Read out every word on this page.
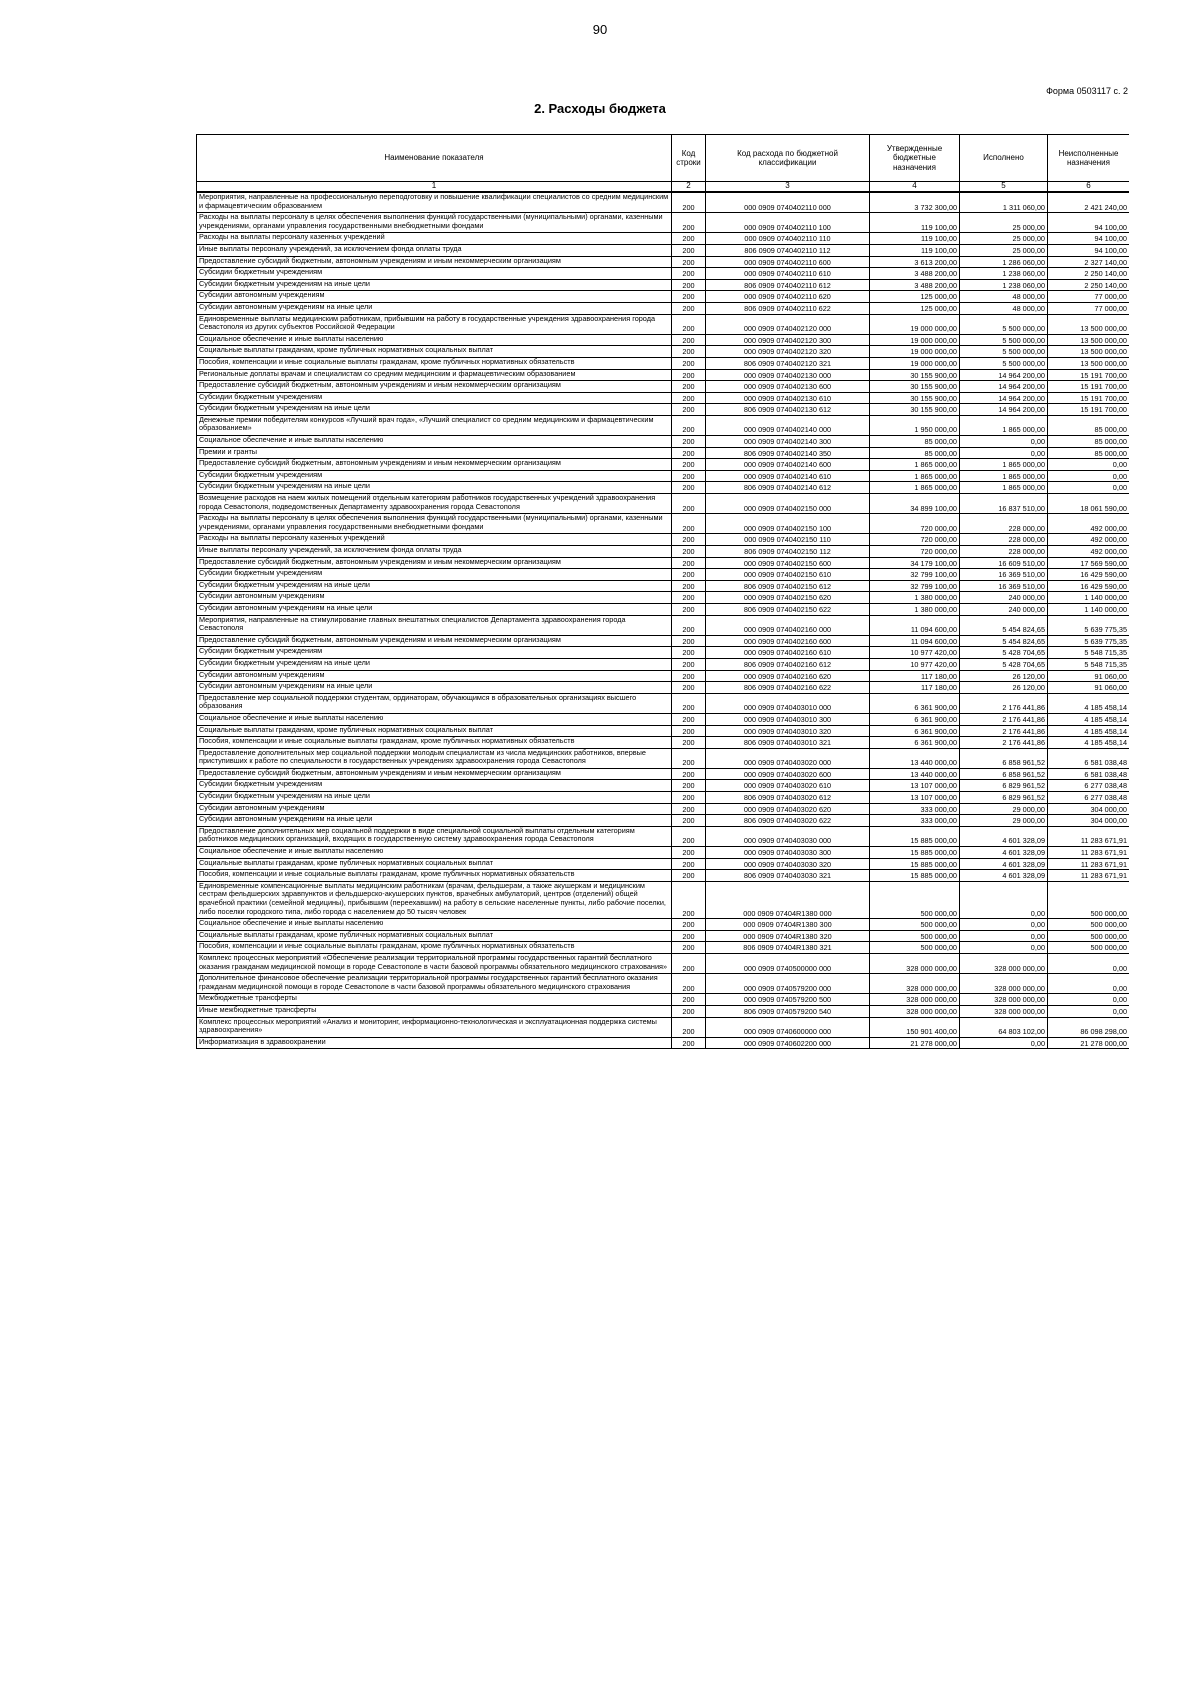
90
Форма 0503117 с. 2
2. Расходы бюджета
Наименование показателя	Код строки	Код расхода по бюджетной классификации	Утвержденные бюджетные назначения	Исполнено	Неисполненные назначения
1	2	3	4	5	6
Мероприятия, направленные на профессиональную переподготовку и повышение квалификации специалистов со средним медицинским и фармацевтическим образованием	200	000 0909 0740402110 000	3 732 300,00	1 311 060,00	2 421 240,00
Расходы на выплаты персоналу в целях обеспечения выполнения функций государственными (муниципальными) органами, казенными учреждениями, органами управления государственными внебюджетными фондами	200	000 0909 0740402110 100	119 100,00	25 000,00	94 100,00
Расходы на выплаты персоналу казенных учреждений	200	000 0909 0740402110 110	119 100,00	25 000,00	94 100,00
Иные выплаты персоналу учреждений, за исключением фонда оплаты труда	200	806 0909 0740402110 112	119 100,00	25 000,00	94 100,00
Предоставление субсидий бюджетным, автономным учреждениям и иным некоммерческим организациям	200	000 0909 0740402110 600	3 613 200,00	1 286 060,00	2 327 140,00
Субсидии бюджетным учреждениям	200	000 0909 0740402110 610	3 488 200,00	1 238 060,00	2 250 140,00
Субсидии бюджетным учреждениям на иные цели	200	806 0909 0740402110 612	3 488 200,00	1 238 060,00	2 250 140,00
Субсидии автономным учреждениям	200	000 0909 0740402110 620	125 000,00	48 000,00	77 000,00
Субсидии автономным учреждениям на иные цели	200	806 0909 0740402110 622	125 000,00	48 000,00	77 000,00
Единовременные выплаты медицинским работникам, прибывшим на работу в государственные учреждения здравоохранения города Севастополя из других субъектов Российской Федерации	200	000 0909 0740402120 000	19 000 000,00	5 500 000,00	13 500 000,00
Социальное обеспечение и иные выплаты населению	200	000 0909 0740402120 300	19 000 000,00	5 500 000,00	13 500 000,00
Социальные выплаты гражданам, кроме публичных нормативных социальных выплат	200	000 0909 0740402120 320	19 000 000,00	5 500 000,00	13 500 000,00
Пособия, компенсации и иные социальные выплаты гражданам, кроме публичных нормативных обязательств	200	806 0909 0740402120 321	19 000 000,00	5 500 000,00	13 500 000,00
Региональные доплаты врачам и специалистам со средним медицинским и фармацевтическим образованием	200	000 0909 0740402130 000	30 155 900,00	14 964 200,00	15 191 700,00
Предоставление субсидий бюджетным, автономным учреждениям и иным некоммерческим организациям	200	000 0909 0740402130 600	30 155 900,00	14 964 200,00	15 191 700,00
Субсидии бюджетным учреждениям	200	000 0909 0740402130 610	30 155 900,00	14 964 200,00	15 191 700,00
Субсидии бюджетным учреждениям на иные цели	200	806 0909 0740402130 612	30 155 900,00	14 964 200,00	15 191 700,00
Денежные премии победителям конкурсов «Лучший врач года», «Лучший специалист со средним медицинским и фармацевтическим образованием»	200	000 0909 0740402140 000	1 950 000,00	1 865 000,00	85 000,00
Социальное обеспечение и иные выплаты населению	200	000 0909 0740402140 300	85 000,00	0,00	85 000,00
Премии и гранты	200	806 0909 0740402140 350	85 000,00	0,00	85 000,00
Предоставление субсидий бюджетным, автономным учреждениям и иным некоммерческим организациям	200	000 0909 0740402140 600	1 865 000,00	1 865 000,00	0,00
Субсидии бюджетным учреждениям	200	000 0909 0740402140 610	1 865 000,00	1 865 000,00	0,00
Субсидии бюджетным учреждениям на иные цели	200	806 0909 0740402140 612	1 865 000,00	1 865 000,00	0,00
Возмещение расходов на наем жилых помещений отдельным категориям работников государственных учреждений здравоохранения города Севастополя, подведомственных Департаменту здравоохранения города Севастополя	200	000 0909 0740402150 000	34 899 100,00	16 837 510,00	18 061 590,00
Расходы на выплаты персоналу в целях обеспечения выполнения функций государственными (муниципальными) органами, казенными учреждениями, органами управления государственными внебюджетными фондами	200	000 0909 0740402150 100	720 000,00	228 000,00	492 000,00
Расходы на выплаты персоналу казенных учреждений	200	000 0909 0740402150 110	720 000,00	228 000,00	492 000,00
Иные выплаты персоналу учреждений, за исключением фонда оплаты труда	200	806 0909 0740402150 112	720 000,00	228 000,00	492 000,00
Предоставление субсидий бюджетным, автономным учреждениям и иным некоммерческим организациям	200	000 0909 0740402150 600	34 179 100,00	16 609 510,00	17 569 590,00
Субсидии бюджетным учреждениям	200	000 0909 0740402150 610	32 799 100,00	16 369 510,00	16 429 590,00
Субсидии бюджетным учреждениям на иные цели	200	806 0909 0740402150 612	32 799 100,00	16 369 510,00	16 429 590,00
Субсидии автономным учреждениям	200	000 0909 0740402150 620	1 380 000,00	240 000,00	1 140 000,00
Субсидии автономным учреждениям на иные цели	200	806 0909 0740402150 622	1 380 000,00	240 000,00	1 140 000,00
Мероприятия, направленные на стимулирование главных внештатных специалистов Департамента здравоохранения города Севастополя	200	000 0909 0740402160 000	11 094 600,00	5 454 824,65	5 639 775,35
Предоставление субсидий бюджетным, автономным учреждениям и иным некоммерческим организациям	200	000 0909 0740402160 600	11 094 600,00	5 454 824,65	5 639 775,35
Субсидии бюджетным учреждениям	200	000 0909 0740402160 610	10 977 420,00	5 428 704,65	5 548 715,35
Субсидии бюджетным учреждениям на иные цели	200	806 0909 0740402160 612	10 977 420,00	5 428 704,65	5 548 715,35
Субсидии автономным учреждениям	200	000 0909 0740402160 620	117 180,00	26 120,00	91 060,00
Субсидии автономным учреждениям на иные цели	200	806 0909 0740402160 622	117 180,00	26 120,00	91 060,00
Предоставление мер социальной поддержки студентам, ординаторам, обучающимся в образовательных организациях высшего образования	200	000 0909 0740403010 000	6 361 900,00	2 176 441,86	4 185 458,14
Социальное обеспечение и иные выплаты населению	200	000 0909 0740403010 300	6 361 900,00	2 176 441,86	4 185 458,14
Социальные выплаты гражданам, кроме публичных нормативных социальных выплат	200	000 0909 0740403010 320	6 361 900,00	2 176 441,86	4 185 458,14
Пособия, компенсации и иные социальные выплаты гражданам, кроме публичных нормативных обязательств	200	806 0909 0740403010 321	6 361 900,00	2 176 441,86	4 185 458,14
Предоставление дополнительных мер социальной поддержки молодым специалистам из числа медицинских работников, впервые приступивших к работе по специальности в государственных учреждениях здравоохранения города Севастополя	200	000 0909 0740403020 000	13 440 000,00	6 858 961,52	6 581 038,48
Предоставление субсидий бюджетным, автономным учреждениям и иным некоммерческим организациям	200	000 0909 0740403020 600	13 440 000,00	6 858 961,52	6 581 038,48
Субсидии бюджетным учреждениям	200	000 0909 0740403020 610	13 107 000,00	6 829 961,52	6 277 038,48
Субсидии бюджетным учреждениям на иные цели	200	806 0909 0740403020 612	13 107 000,00	6 829 961,52	6 277 038,48
Субсидии автономным учреждениям	200	000 0909 0740403020 620	333 000,00	29 000,00	304 000,00
Субсидии автономным учреждениям на иные цели	200	806 0909 0740403020 622	333 000,00	29 000,00	304 000,00
Предоставление дополнительных мер социальной поддержки в виде специальной социальной выплаты отдельным категориям работников медицинских организаций, входящих в государственную систему здравоохранения города Севастополя	200	000 0909 0740403030 000	15 885 000,00	4 601 328,09	11 283 671,91
Социальное обеспечение и иные выплаты населению	200	000 0909 0740403030 300	15 885 000,00	4 601 328,09	11 283 671,91
Социальные выплаты гражданам, кроме публичных нормативных социальных выплат	200	000 0909 0740403030 320	15 885 000,00	4 601 328,09	11 283 671,91
Пособия, компенсации и иные социальные выплаты гражданам, кроме публичных нормативных обязательств	200	806 0909 0740403030 321	15 885 000,00	4 601 328,09	11 283 671,91
Единовременные компенсационные выплаты медицинским работникам (врачам, фельдшерам, а также акушеркам и медицинским сестрам фельдшерских здравпунктов и фельдшерско-акушерских пунктов, врачебных амбулаторий, центров (отделений) общей врачебной практики (семейной медицины), прибывшим (переехавшим) на работу в сельские населенные пункты, либо рабочие поселки, либо поселки городского типа, либо города с населением до 50 тысяч человек	200	000 0909 07404R1380 000	500 000,00	0,00	500 000,00
Социальное обеспечение и иные выплаты населению	200	000 0909 07404R1380 300	500 000,00	0,00	500 000,00
Социальные выплаты гражданам, кроме публичных нормативных социальных выплат	200	000 0909 07404R1380 320	500 000,00	0,00	500 000,00
Пособия, компенсации и иные социальные выплаты гражданам, кроме публичных нормативных обязательств	200	806 0909 07404R1380 321	500 000,00	0,00	500 000,00
Комплекс процессных мероприятий «Обеспечение реализации территориальной программы государственных гарантий бесплатного оказания гражданам медицинской помощи в городе Севастополе в части базовой программы обязательного медицинского страхования»	200	000 0909 0740500000 000	328 000 000,00	328 000 000,00	0,00
Дополнительное финансовое обеспечение реализации территориальной программы государственных гарантий бесплатного оказания гражданам медицинской помощи в городе Севастополе в части базовой программы обязательного медицинского страхования	200	000 0909 0740579200 000	328 000 000,00	328 000 000,00	0,00
Межбюджетные трансферты	200	000 0909 0740579200 500	328 000 000,00	328 000 000,00	0,00
Иные межбюджетные трансферты	200	806 0909 0740579200 540	328 000 000,00	328 000 000,00	0,00
Комплекс процессных мероприятий «Анализ и мониторинг, информационно-технологическая и эксплуатационная поддержка системы здравоохранения»	200	000 0909 0740600000 000	150 901 400,00	64 803 102,00	86 098 298,00
Информатизация в здравоохранении	200	000 0909 0740602200 000	21 278 000,00	0,00	21 278 000,00
